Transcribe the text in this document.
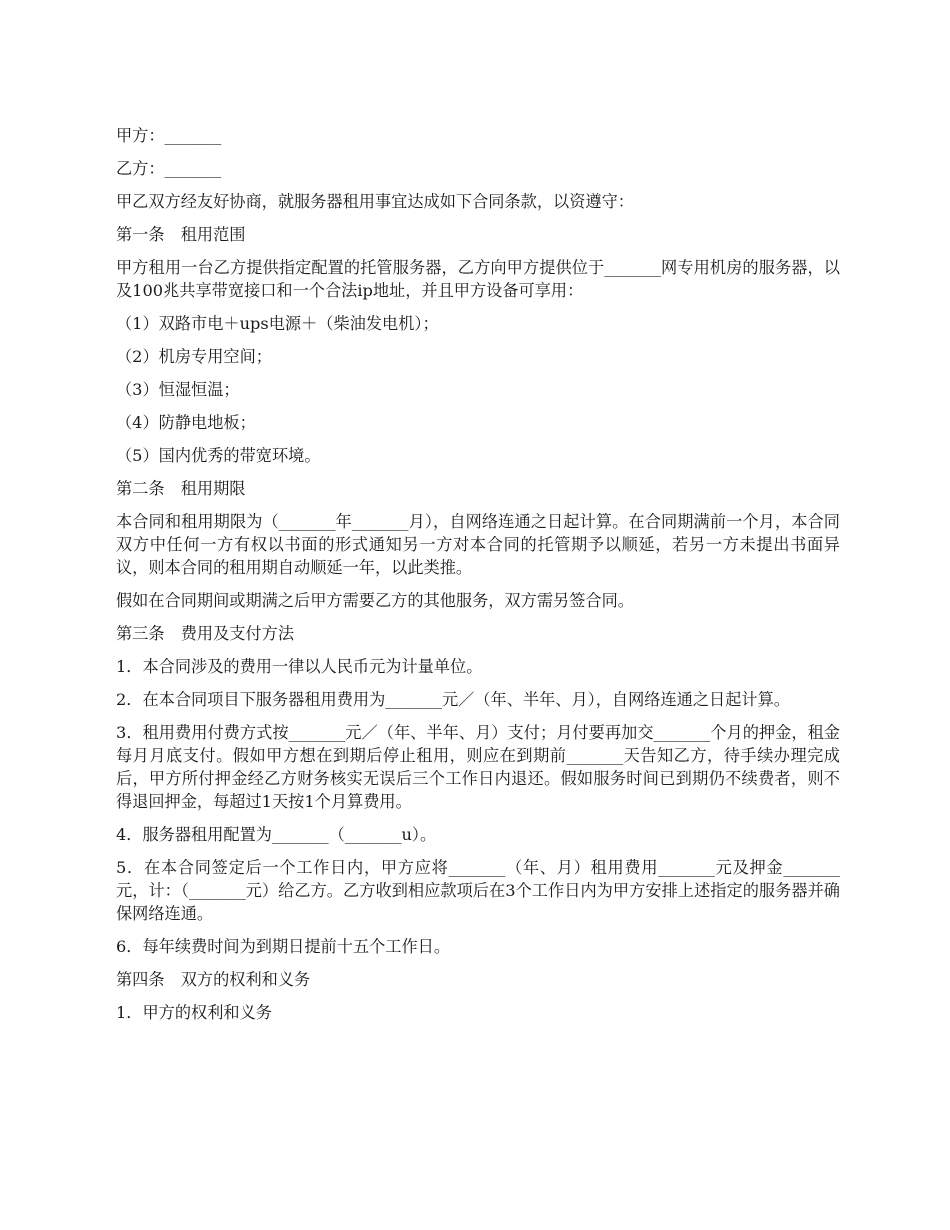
甲方：_______

乙方：_______

甲乙双方经友好协商，就服务器租用事宜达成如下合同条款，以资遵守：

第一条　租用范围

甲方租用一台乙方提供指定配置的托管服务器，乙方向甲方提供位于_______网专用机房的服务器，以及100兆共享带宽接口和一个合法ip地址，并且甲方设备可享用：

（1）双路市电＋ups电源＋（柴油发电机）；

（2）机房专用空间；

（3）恒湿恒温；

（4）防静电地板；

（5）国内优秀的带宽环境。

第二条　租用期限

本合同和租用期限为（_______年_______月），自网络连通之日起计算。在合同期满前一个月，本合同双方中任何一方有权以书面的形式通知另一方对本合同的托管期予以顺延，若另一方未提出书面异议，则本合同的租用期自动顺延一年，以此类推。

假如在合同期间或期满之后甲方需要乙方的其他服务，双方需另签合同。

第三条　费用及支付方法

1．本合同涉及的费用一律以人民币元为计量单位。

2．在本合同项目下服务器租用费用为_______元／（年、半年、月），自网络连通之日起计算。

3．租用费用付费方式按_______元／（年、半年、月）支付；月付要再加交_______个月的押金，租金每月月底支付。假如甲方想在到期后停止租用，则应在到期前_______天告知乙方，待手续办理完成后，甲方所付押金经乙方财务核实无误后三个工作日内退还。假如服务时间已到期仍不续费者，则不得退回押金，每超过1天按1个月算费用。

4．服务器租用配置为_______（_______u）。

5．在本合同签定后一个工作日内，甲方应将_______（年、月）租用费用_______元及押金_______元，计：（_______元）给乙方。乙方收到相应款项后在3个工作日内为甲方安排上述指定的服务器并确保网络连通。

6．每年续费时间为到期日提前十五个工作日。

第四条　双方的权利和义务

1．甲方的权利和义务
